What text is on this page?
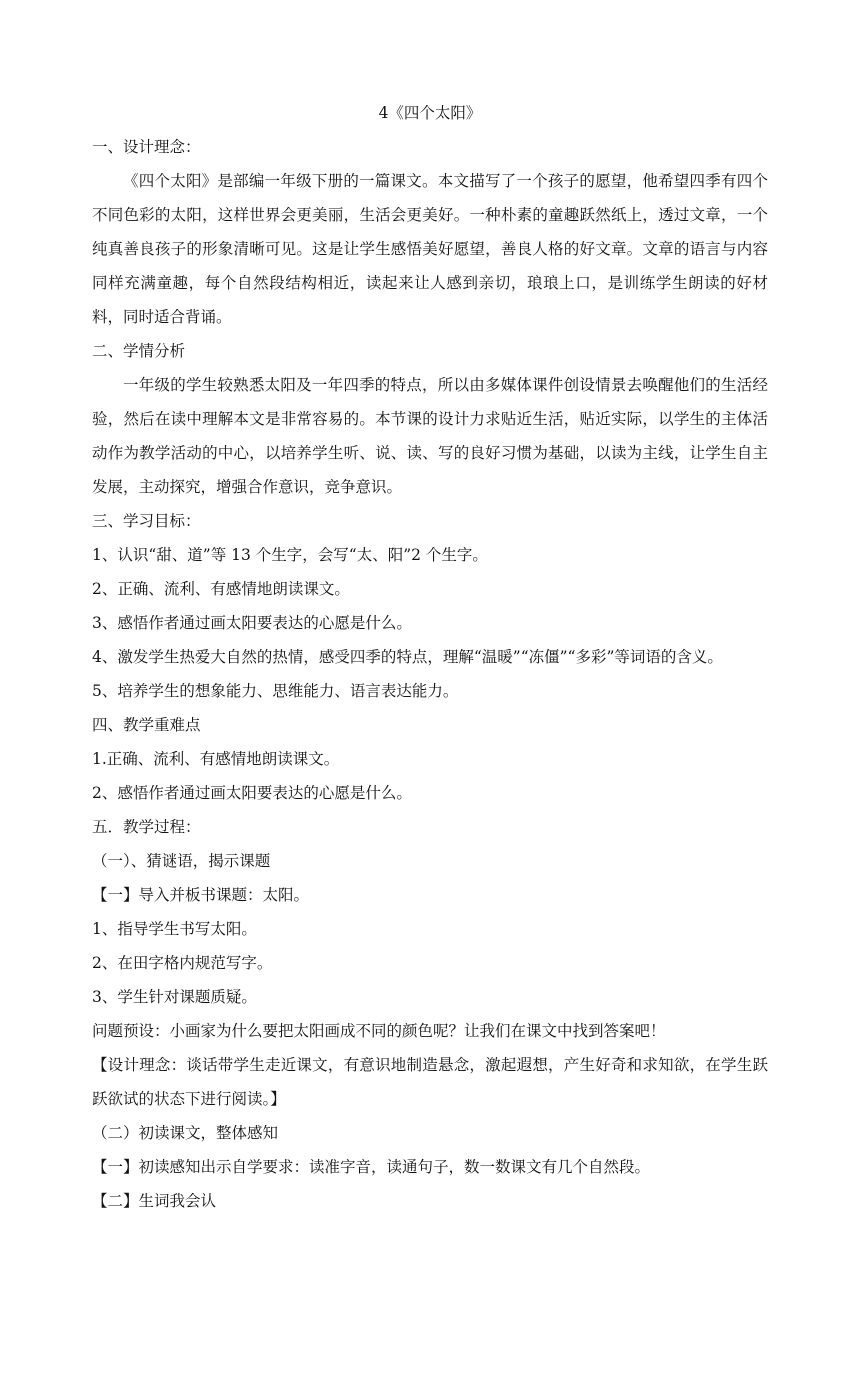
4《四个太阳》

一、设计理念：

《四个太阳》是部编一年级下册的一篇课文。本文描写了一个孩子的愿望，他希望四季有四个不同色彩的太阳，这样世界会更美丽，生活会更美好。一种朴素的童趣跃然纸上，透过文章，一个纯真善良孩子的形象清晰可见。这是让学生感悟美好愿望，善良人格的好文章。文章的语言与内容同样充满童趣，每个自然段结构相近，读起来让人感到亲切，琅琅上口，是训练学生朗读的好材料，同时适合背诵。

二、学情分析

一年级的学生较熟悉太阳及一年四季的特点，所以由多媒体课件创设情景去唤醒他们的生活经验，然后在读中理解本文是非常容易的。本节课的设计力求贴近生活，贴近实际，以学生的主体活动作为教学活动的中心，以培养学生听、说、读、写的良好习惯为基础，以读为主线，让学生自主发展，主动探究，增强合作意识，竞争意识。

三、学习目标：

1、认识“甜、道”等 13 个生字，会写“太、阳”2 个生字。

2、正确、流利、有感情地朗读课文。

3、感悟作者通过画太阳要表达的心愿是什么。

4、激发学生热爱大自然的热情，感受四季的特点，理解“温暖”“冻僵”“多彩”等词语的含义。

5、培养学生的想象能力、思维能力、语言表达能力。

四、教学重难点

1.正确、流利、有感情地朗读课文。

2、感悟作者通过画太阳要表达的心愿是什么。

五．教学过程：

（一）、猜谜语，揭示课题

【一】导入并板书课题：太阳。

1、指导学生书写太阳。

2、在田字格内规范写字。

3、学生针对课题质疑。

问题预设：小画家为什么要把太阳画成不同的颜色呢？让我们在课文中找到答案吧！

【设计理念：谈话带学生走近课文，有意识地制造悬念，激起遐想，产生好奇和求知欲，在学生跃跃欲试的状态下进行阅读。】

（二）初读课文，整体感知

【一】初读感知出示自学要求：读准字音，读通句子，数一数课文有几个自然段。

【二】生词我会认
